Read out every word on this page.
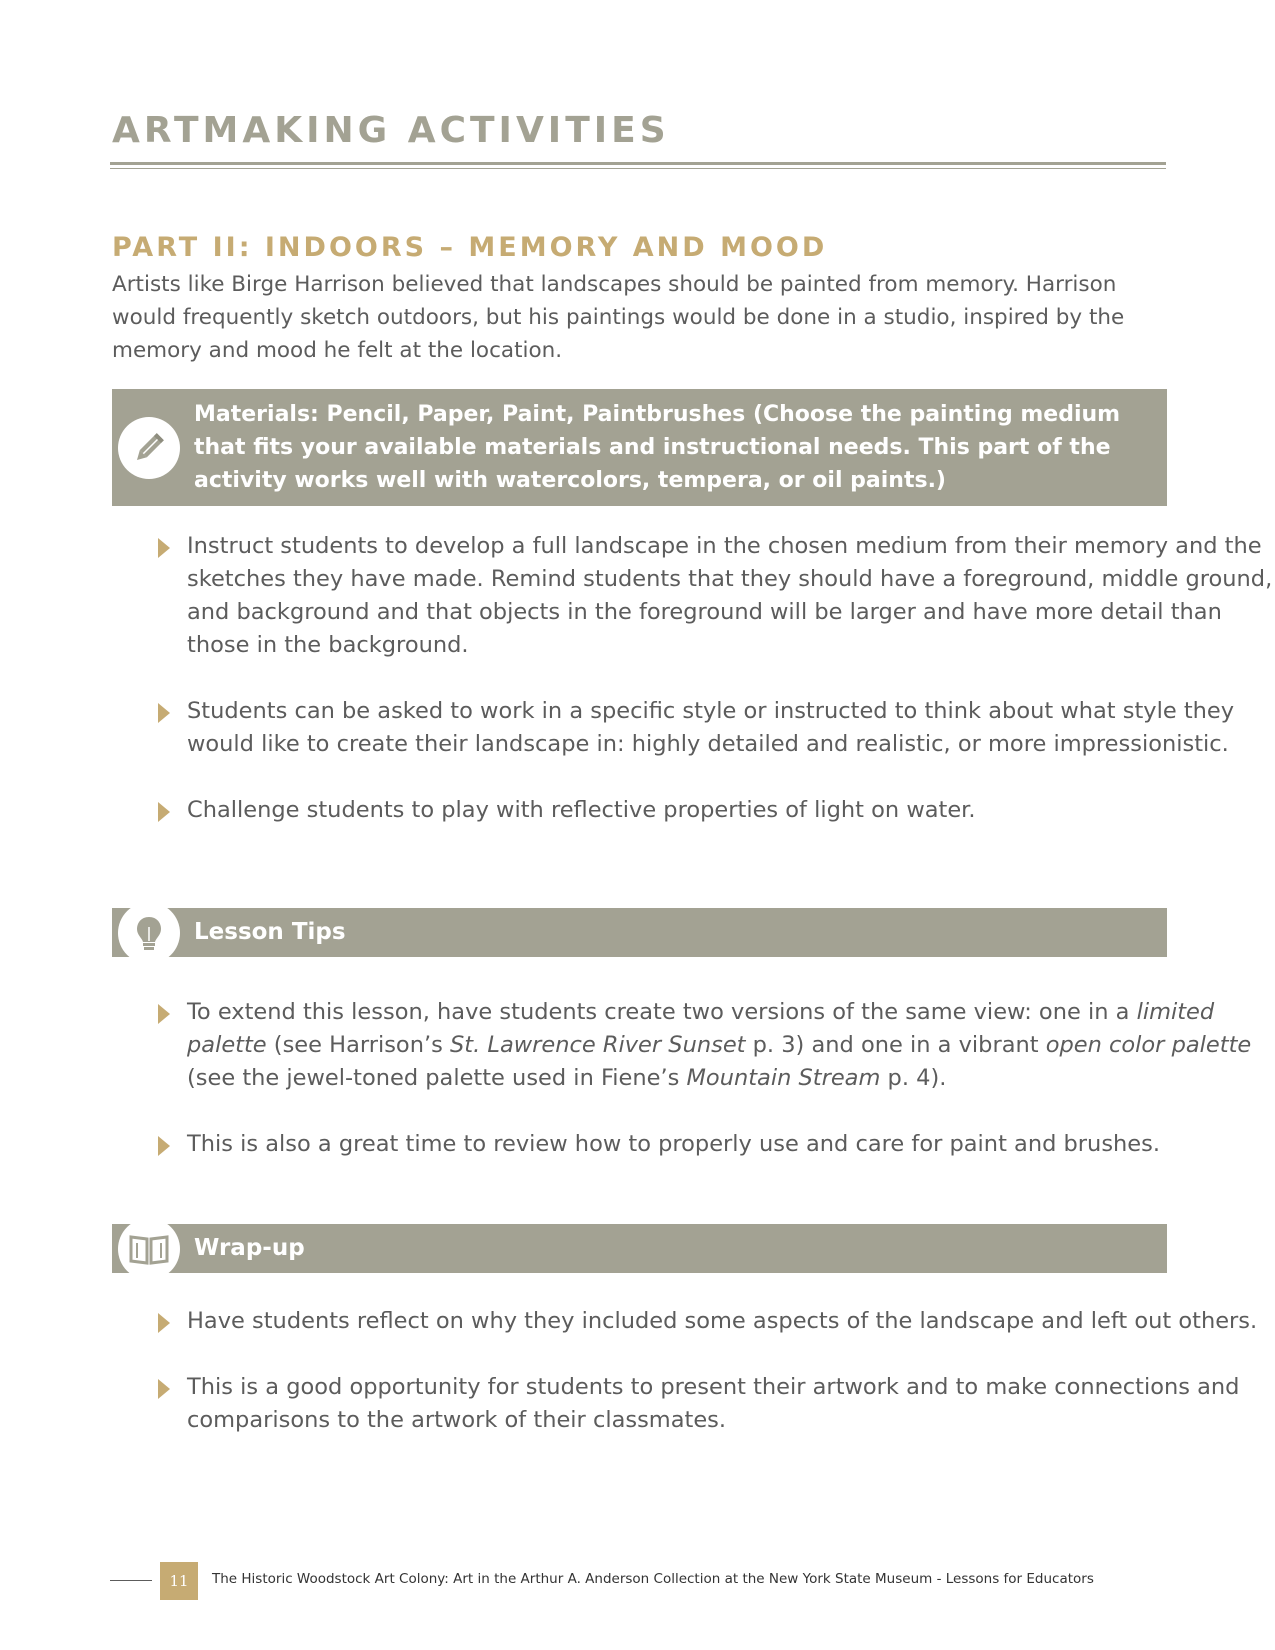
ARTMAKING ACTIVITIES
PART II: INDOORS – MEMORY AND MOOD

Artists like Birge Harrison believed that landscapes should be painted from memory. Harrison would frequently sketch outdoors, but his paintings would be done in a studio, inspired by the memory and mood he felt at the location.

Materials: Pencil, Paper, Paint, Paintbrushes (Choose the painting medium that fits your available materials and instructional needs. This part of the activity works well with watercolors, tempera, or oil paints.)
Instruct students to develop a full landscape in the chosen medium from their memory and the sketches they have made. Remind students that they should have a foreground, middle ground, and background and that objects in the foreground will be larger and have more detail than those in the background.
Students can be asked to work in a specific style or instructed to think about what style they would like to create their landscape in: highly detailed and realistic, or more impressionistic.
Challenge students to play with reflective properties of light on water.
Lesson Tips
To extend this lesson, have students create two versions of the same view: one in a limited palette (see Harrison’s St. Lawrence River Sunset p. 3) and one in a vibrant open color palette (see the jewel-toned palette used in Fiene’s Mountain Stream p. 4).
This is also a great time to review how to properly use and care for paint and brushes.
Wrap-up
Have students reflect on why they included some aspects of the landscape and left out others.
This is a good opportunity for students to present their artwork and to make connections and comparisons to the artwork of their classmates.
11	The Historic Woodstock Art Colony: Art in the Arthur A. Anderson Collection at the New York State Museum - Lessons for Educators
